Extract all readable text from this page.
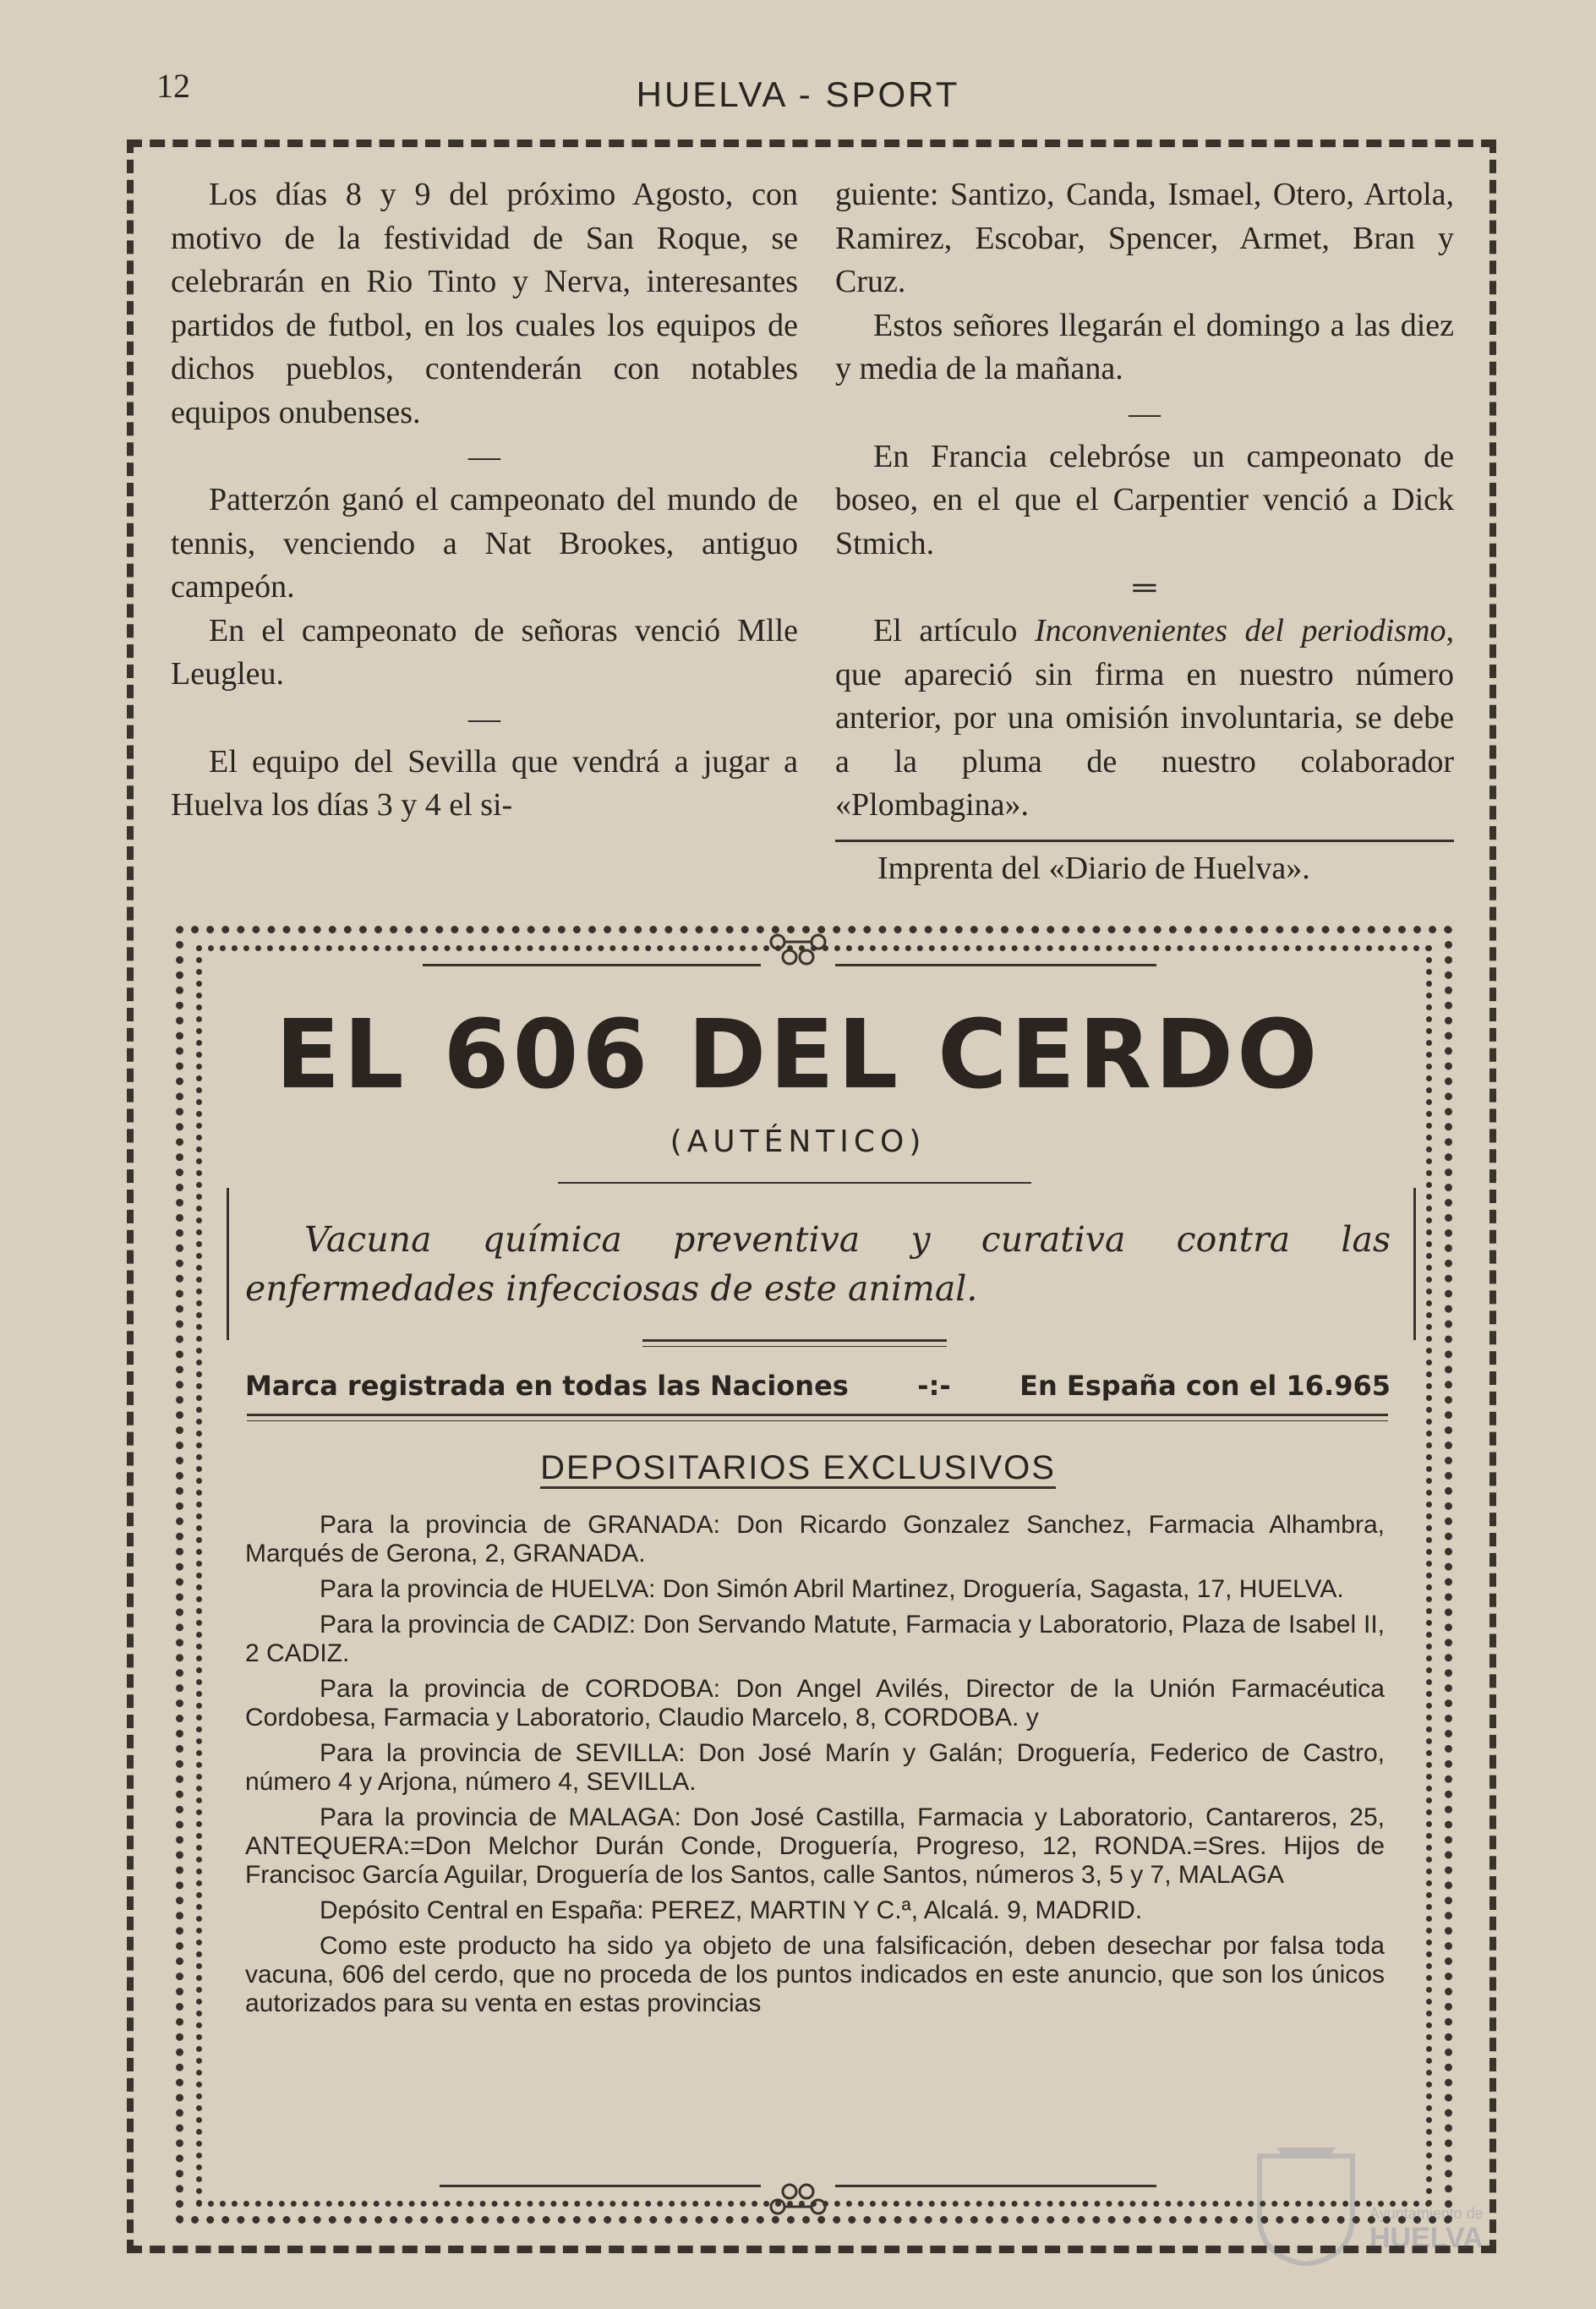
12	HUELVA - SPORT

Los días 8 y 9 del próximo Agosto, con motivo de la festividad de San Roque, se celebrarán en Rio Tinto y Nerva, interesantes partidos de futbol, en los cuales los equipos de dichos pueblos, contenderán con notables equipos onubenses.

—

Patterzón ganó el campeonato del mundo de tennis, venciendo a Nat Brookes, antiguo campeón.

En el campeonato de señoras venció Mlle Leugleu.

—

El equipo del Sevilla que vendrá a jugar a Huelva los días 3 y 4 el si-

guiente: Santizo, Canda, Ismael, Otero, Artola, Ramirez, Escobar, Spencer, Armet, Bran y Cruz.

Estos señores llegarán el domingo a las diez y media de la mañana.

—

En Francia celebróse un campeonato de boseo, en el que el Carpentier venció a Dick Stmich.

═

El artículo Inconvenientes del periodismo, que apareció sin firma en nuestro número anterior, por una omisión involuntaria, se debe a la pluma de nuestro colaborador «Plombagina».

Imprenta del «Diario de Huelva».
EL 606 DEL CERDO
(AUTÉNTICO)
Vacuna química preventiva y curativa contra las enfermedades infecciosas de este animal.
Marca registrada en todas las Naciones	-:-	En España con el 16.965
DEPOSITARIOS EXCLUSIVOS

Para la provincia de GRANADA: Don Ricardo Gonzalez Sanchez, Farmacia Alhambra, Marqués de Gerona, 2, GRANADA.

Para la provincia de HUELVA: Don Simón Abril Martinez, Droguería, Sagasta, 17, HUELVA.

Para la provincia de CADIZ: Don Servando Matute, Farmacia y Laboratorio, Plaza de Isabel II, 2 CADIZ.

Para la provincia de CORDOBA: Don Angel Avilés, Director de la Unión Farmacéutica Cordobesa, Farmacia y Laboratorio, Claudio Marcelo, 8, CORDOBA. y

Para la provincia de SEVILLA: Don José Marín y Galán; Droguería, Federico de Castro, número 4 y Arjona, número 4, SEVILLA.

Para la provincia de MALAGA: Don José Castilla, Farmacia y Laboratorio, Cantareros, 25, ANTEQUERA:=Don Melchor Durán Conde, Droguería, Progreso, 12, RONDA.=Sres. Hijos de Francisoc García Aguilar, Droguería de los Santos, calle Santos, números 3, 5 y 7, MALAGA

Depósito Central en España: PEREZ, MARTIN Y C.ª, Alcalá. 9, MADRID.

Como este producto ha sido ya objeto de una falsificación, deben desechar por falsa toda vacuna, 606 del cerdo, que no proceda de los puntos indicados en este anuncio, que son los únicos autorizados para su venta en estas provincias

Ayuntamiento de
HUELVA
